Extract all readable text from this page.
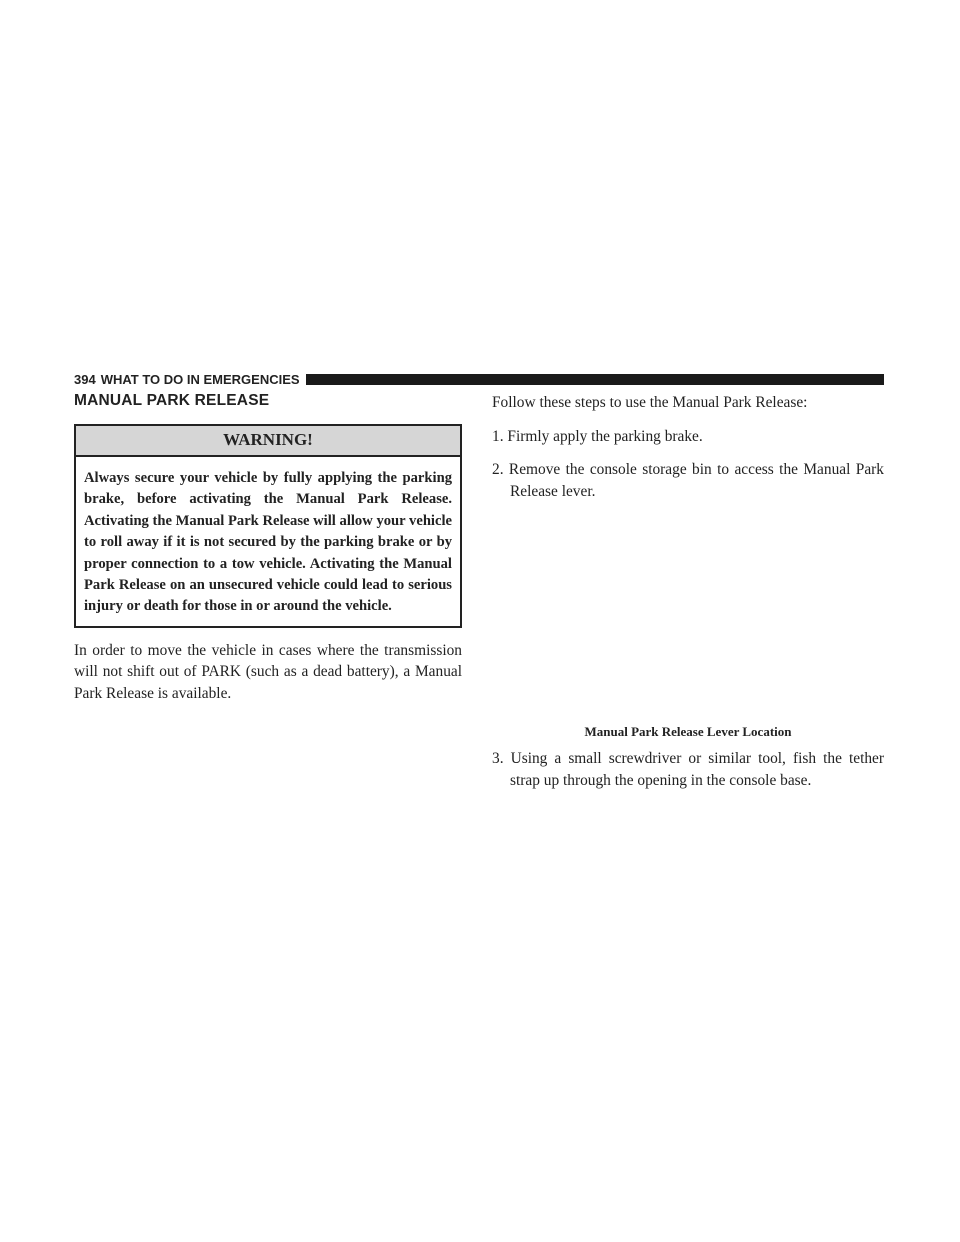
394 WHAT TO DO IN EMERGENCIES
MANUAL PARK RELEASE
WARNING!
Always secure your vehicle by fully applying the parking brake, before activating the Manual Park Release. Activating the Manual Park Release will allow your vehicle to roll away if it is not secured by the parking brake or by proper connection to a tow vehicle. Activating the Manual Park Release on an unsecured vehicle could lead to serious injury or death for those in or around the vehicle.
In order to move the vehicle in cases where the transmission will not shift out of PARK (such as a dead battery), a Manual Park Release is available.
Follow these steps to use the Manual Park Release:
1. Firmly apply the parking brake.
2. Remove the console storage bin to access the Manual Park Release lever.
Manual Park Release Lever Location
3. Using a small screwdriver or similar tool, fish the tether strap up through the opening in the console base.
